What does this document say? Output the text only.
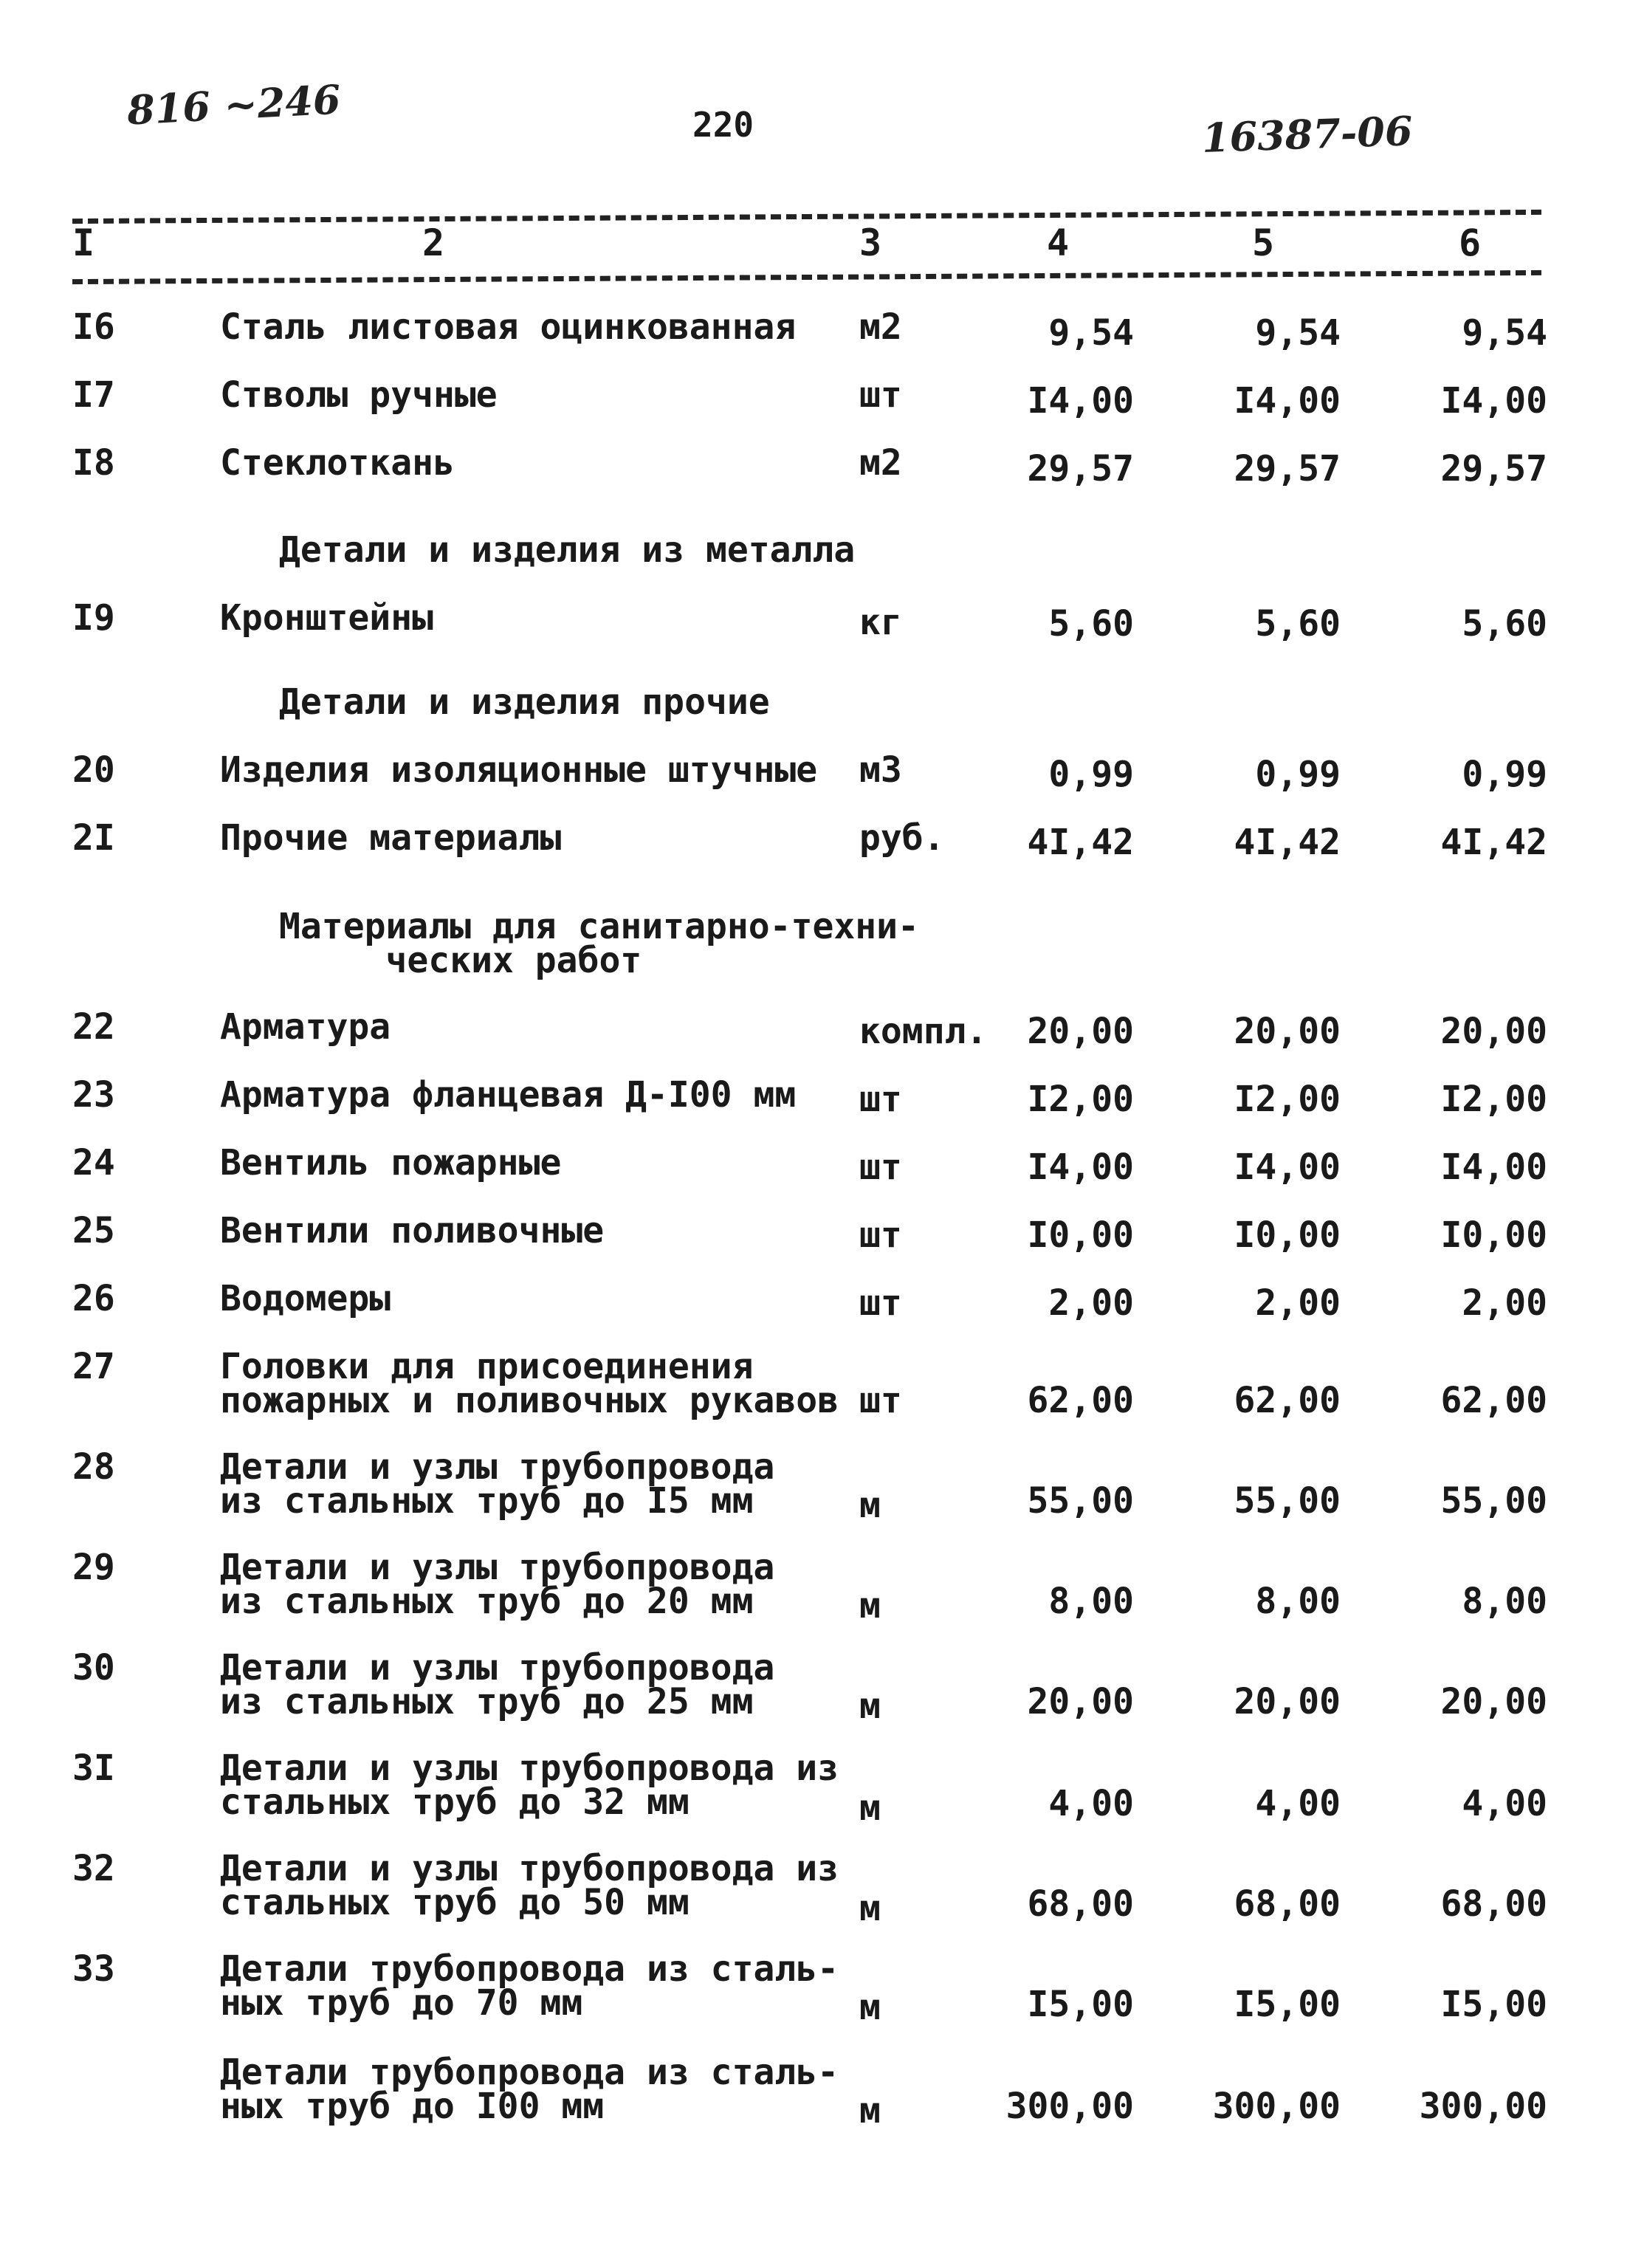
816 ~246	220	16387-06
I	2	3	4	5	6
I6	Сталь листовая оцинкованная м2	9,54	9,54	9,54
I7	Стволы ручные	шт	I4,00	I4,00	I4,00
I8	Стеклоткань	м2	29,57	29,57	29,57
Детали и изделия из металла
I9	Кронштейны	кг	5,60	5,60	5,60
Детали и изделия прочие
20	Изделия изоляционные штучные м3	0,99	0,99	0,99
2I	Прочие материалы	руб.	4I,42	4I,42	4I,42
Материалы для санитарно-техни-
ческих работ
22	Арматура	компл.	20,00	20,00	20,00
23	Арматура фланцевая Д-I00 мм шт	I2,00	I2,00	I2,00
24	Вентиль пожарные	шт	I4,00	I4,00	I4,00
25	Вентили поливочные	шт	I0,00	I0,00	I0,00
26	Водомеры	шт	2,00	2,00	2,00
27	Головки для присоединения
пожарных и поливочных рукавов шт	62,00	62,00	62,00
28	Детали и узлы трубопровода
из стальных труб до I5 мм	м	55,00	55,00	55,00
29	Детали и узлы трубопровода
из стальных труб до 20 мм	м	8,00	8,00	8,00
30	Детали и узлы трубопровода
из стальных труб до 25 мм	м	20,00	20,00	20,00
3I	Детали и узлы трубопровода из
стальных труб до 32 мм	м	4,00	4,00	4,00
32	Детали и узлы трубопровода из
стальных труб до 50 мм	м	68,00	68,00	68,00
33	Детали трубопровода из сталь-
ных труб до 70 мм	м	I5,00	I5,00	I5,00
Детали трубопровода из сталь-
ных труб до I00 мм	м	300,00 300,00 300,00
